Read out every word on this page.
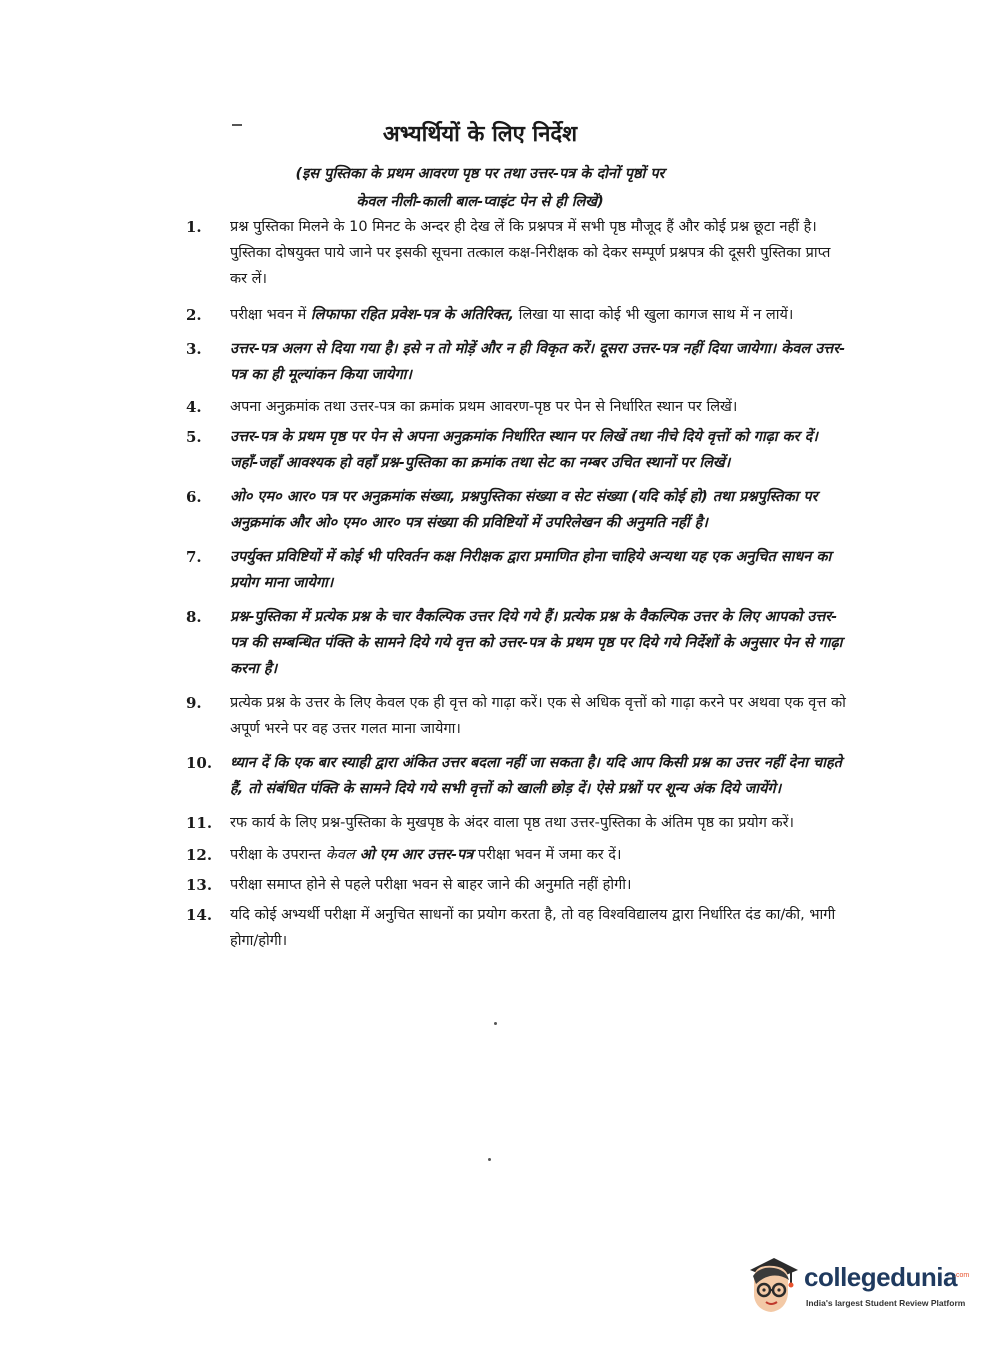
अभ्यर्थियों के लिए निर्देश
(इस पुस्तिका के प्रथम आवरण पृष्ठ पर तथा उत्तर-पत्र के दोनों पृष्ठों पर
केवल नीली-काली बाल-प्वाइंट पेन से ही लिखें)
1. प्रश्न पुस्तिका मिलने के 10 मिनट के अन्दर ही देख लें कि प्रश्नपत्र में सभी पृष्ठ मौजूद हैं और कोई प्रश्न छूटा नहीं है। पुस्तिका दोषयुक्त पाये जाने पर इसकी सूचना तत्काल कक्ष-निरीक्षक को देकर सम्पूर्ण प्रश्नपत्र की दूसरी पुस्तिका प्राप्त कर लें।
2. परीक्षा भवन में लिफाफा रहित प्रवेश-पत्र के अतिरिक्त, लिखा या सादा कोई भी खुला कागज साथ में न लायें।
3. उत्तर-पत्र अलग से दिया गया है। इसे न तो मोड़ें और न ही विकृत करें। दूसरा उत्तर-पत्र नहीं दिया जायेगा। केवल उत्तर-पत्र का ही मूल्यांकन किया जायेगा।
4. अपना अनुक्रमांक तथा उत्तर-पत्र का क्रमांक प्रथम आवरण-पृष्ठ पर पेन से निर्धारित स्थान पर लिखें।
5. उत्तर-पत्र के प्रथम पृष्ठ पर पेन से अपना अनुक्रमांक निर्धारित स्थान पर लिखें तथा नीचे दिये वृत्तों को गाढ़ा कर दें। जहाँ-जहाँ आवश्यक हो वहाँ प्रश्न-पुस्तिका का क्रमांक तथा सेट का नम्बर उचित स्थानों पर लिखें।
6. ओ० एम० आर० पत्र पर अनुक्रमांक संख्या, प्रश्नपुस्तिका संख्या व सेट संख्या (यदि कोई हो) तथा प्रश्नपुस्तिका पर अनुक्रमांक और ओ० एम० आर० पत्र संख्या की प्रविष्टियों में उपरिलेखन की अनुमति नहीं है।
7. उपर्युक्त प्रविष्टियों में कोई भी परिवर्तन कक्ष निरीक्षक द्वारा प्रमाणित होना चाहिये अन्यथा यह एक अनुचित साधन का प्रयोग माना जायेगा।
8. प्रश्न-पुस्तिका में प्रत्येक प्रश्न के चार वैकल्पिक उत्तर दिये गये हैं। प्रत्येक प्रश्न के वैकल्पिक उत्तर के लिए आपको उत्तर-पत्र की सम्बन्धित पंक्ति के सामने दिये गये वृत्त को उत्तर-पत्र के प्रथम पृष्ठ पर दिये गये निर्देशों के अनुसार पेन से गाढ़ा करना है।
9. प्रत्येक प्रश्न के उत्तर के लिए केवल एक ही वृत्त को गाढ़ा करें। एक से अधिक वृत्तों को गाढ़ा करने पर अथवा एक वृत्त को अपूर्ण भरने पर वह उत्तर गलत माना जायेगा।
10. ध्यान दें कि एक बार स्याही द्वारा अंकित उत्तर बदला नहीं जा सकता है। यदि आप किसी प्रश्न का उत्तर नहीं देना चाहते हैं, तो संबंधित पंक्ति के सामने दिये गये सभी वृत्तों को खाली छोड़ दें। ऐसे प्रश्नों पर शून्य अंक दिये जायेंगे।
11. रफ कार्य के लिए प्रश्न-पुस्तिका के मुखपृष्ठ के अंदर वाला पृष्ठ तथा उत्तर-पुस्तिका के अंतिम पृष्ठ का प्रयोग करें।
12. परीक्षा के उपरान्त केवल ओ एम आर उत्तर-पत्र परीक्षा भवन में जमा कर दें।
13. परीक्षा समाप्त होने से पहले परीक्षा भवन से बाहर जाने की अनुमति नहीं होगी।
14. यदि कोई अभ्यर्थी परीक्षा में अनुचित साधनों का प्रयोग करता है, तो वह विश्वविद्यालय द्वारा निर्धारित दंड का/की, भागी होगा/होगी।
collegedunia
.com
India's largest Student Review Platform
